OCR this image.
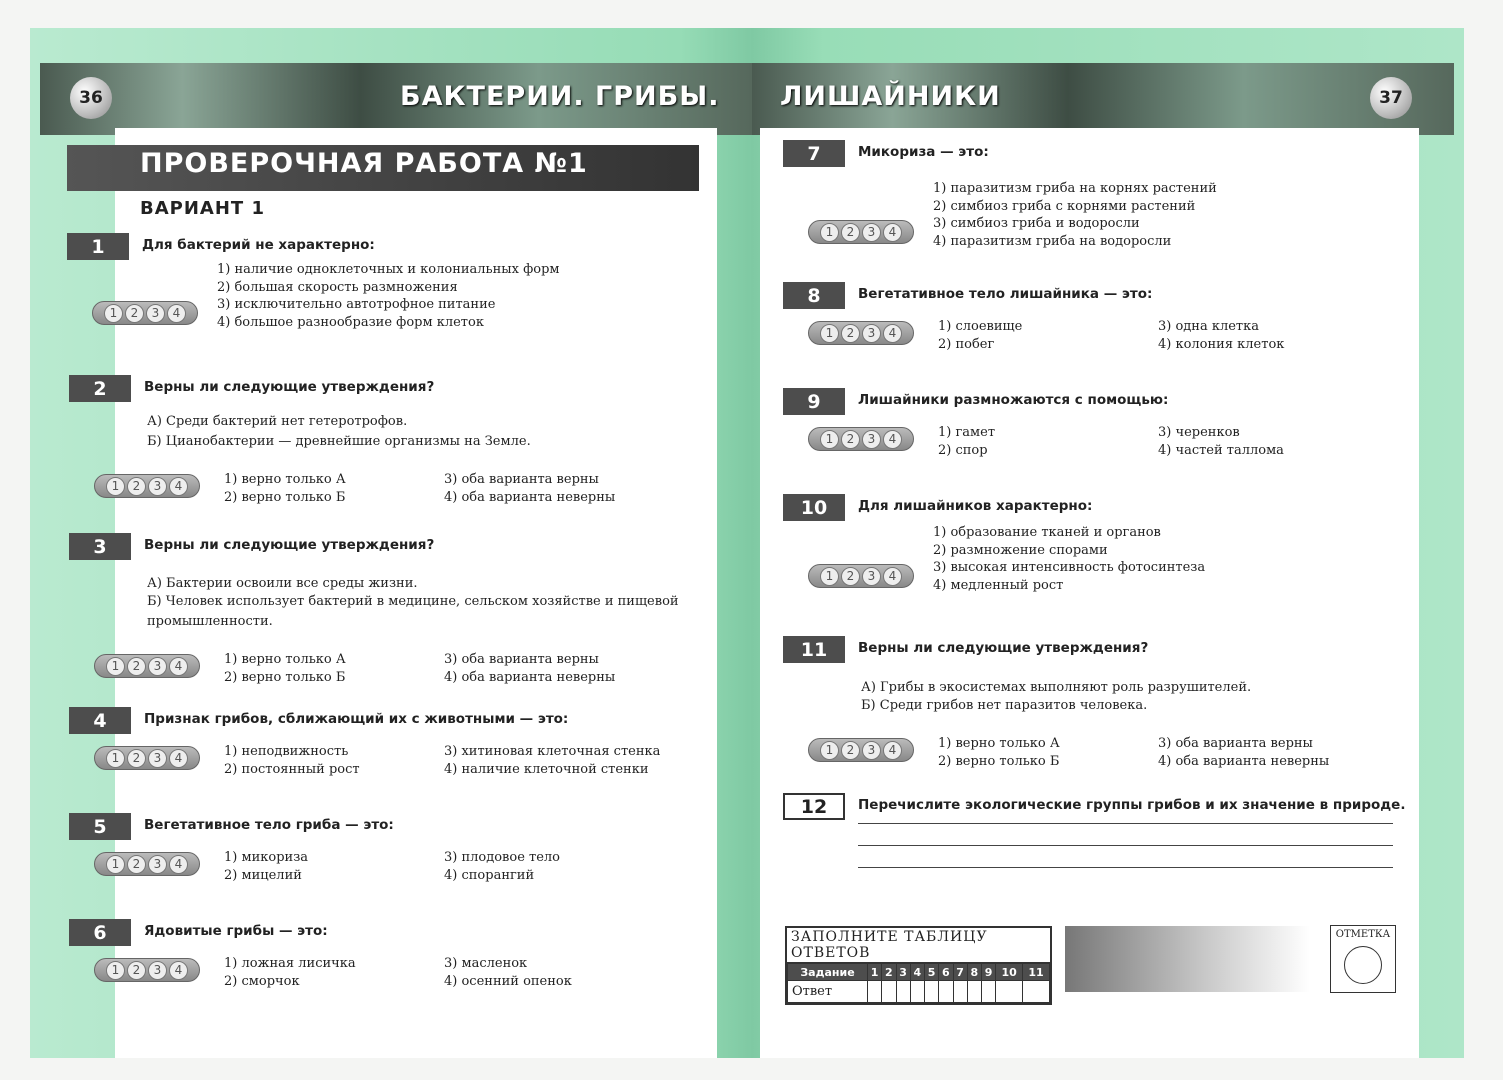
36	БАКТЕРИИ. ГРИБЫ. ЛИШАЙНИКИ	37
ПРОВЕРОЧНАЯ РАБОТА №1
ВАРИАНТ 1
1	Для бактерий не характерно:
1) наличие одноклеточных и колониальных форм
2) большая скорость размножения
3) исключительно автотрофное питание
4) большое разнообразие форм клеток
1	2	3	4
2	Верны ли следующие утверждения?
А) Среди бактерий нет гетеротрофов.
Б) Цианобактерии — древнейшие организмы на Земле.
1) верно только А
2) верно только Б
3) оба варианта верны
4) оба варианта неверны
1	2	3	4
3	Верны ли следующие утверждения?
А) Бактерии освоили все среды жизни.
Б) Человек использует бактерий в медицине, сельском хозяйстве и пищевой
промышленности.
1) верно только А
2) верно только Б
3) оба варианта верны
4) оба варианта неверны
1	2	3	4
4	Признак грибов, сближающий их с животными — это:
1) неподвижность
2) постоянный рост
3) хитиновая клеточная стенка
4) наличие клеточной стенки
1	2	3	4
5	Вегетативное тело гриба — это:
1) микориза
2) мицелий
3) плодовое тело
4) спорангий
1	2	3	4
6	Ядовитые грибы — это:
1) ложная лисичка
2) сморчок
3) масленок
4) осенний опенок
1	2	3	4
7	Микориза — это:
1) паразитизм гриба на корнях растений
2) симбиоз гриба с корнями растений
3) симбиоз гриба и водоросли
4) паразитизм гриба на водоросли
1	2	3	4
8	Вегетативное тело лишайника — это:
1) слоевище
2) побег
3) одна клетка
4) колония клеток
1	2	3	4
9	Лишайники размножаются с помощью:
1) гамет
2) спор
3) черенков
4) частей таллома
1	2	3	4
10	Для лишайников характерно:
1) образование тканей и органов
2) размножение спорами
3) высокая интенсивность фотосинтеза
4) медленный рост
1	2	3	4
11	Верны ли следующие утверждения?
А) Грибы в экосистемах выполняют роль разрушителей.
Б) Среди грибов нет паразитов человека.
1) верно только А
2) верно только Б
3) оба варианта верны
4) оба варианта неверны
1	2	3	4
12	Перечислите экологические группы грибов и их значение в природе.
ЗАПОЛНИТЕ ТАБЛИЦУ ОТВЕТОВ
Задание	1	2	3	4	5	6	7	8	9	10	11
Ответ											
ОТМЕТКА
